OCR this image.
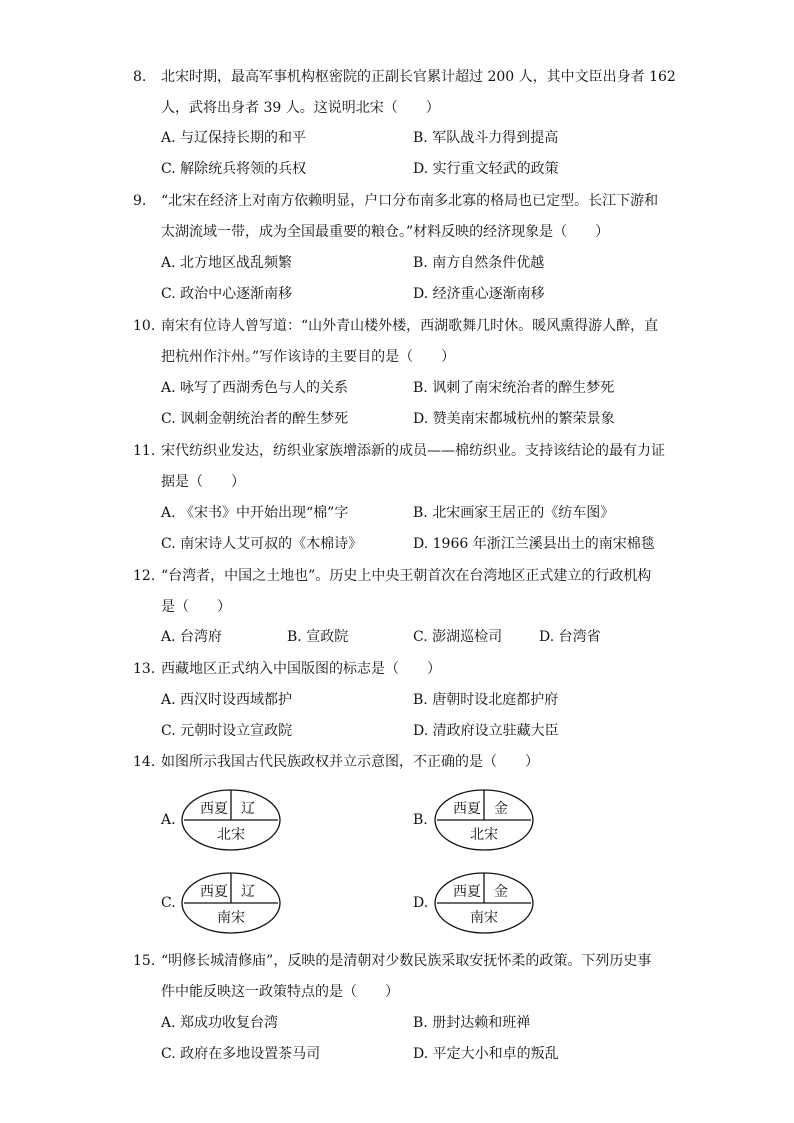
8. 北宋时期，最高军事机构枢密院的正副长官累计超过 200 人，其中文臣出身者 162
人，武将出身者 39 人。这说明北宋（　　）
A. 与辽保持长期的和平	B. 军队战斗力得到提高
C. 解除统兵将领的兵权	D. 实行重文轻武的政策
9. “北宋在经济上对南方依赖明显，户口分布南多北寡的格局也已定型。长江下游和
太湖流域一带，成为全国最重要的粮仓。”材料反映的经济现象是（　　）
A. 北方地区战乱频繁	B. 南方自然条件优越
C. 政治中心逐渐南移	D. 经济重心逐渐南移
10. 南宋有位诗人曾写道：“山外青山楼外楼，西湖歌舞几时休。暖风熏得游人醉，直
把杭州作汴州。”写作该诗的主要目的是（　　）
A. 咏写了西湖秀色与人的关系	B. 讽刺了南宋统治者的醉生梦死
C. 讽刺金朝统治者的醉生梦死	D. 赞美南宋都城杭州的繁荣景象
11. 宋代纺织业发达，纺织业家族增添新的成员——棉纺织业。支持该结论的最有力证
据是（　　）
A. 《宋书》中开始出现“棉”字	B. 北宋画家王居正的《纺车图》
C. 南宋诗人艾可叔的《木棉诗》	D. 1966 年浙江兰溪县出土的南宋棉毯
12. “台湾者，中国之土地也”。历史上中央王朝首次在台湾地区正式建立的行政机构
是（　　）
A. 台湾府	B. 宣政院	C. 澎湖巡检司	D. 台湾省
13. 西藏地区正式纳入中国版图的标志是（　　）
A. 西汉时设西域都护	B. 唐朝时设北庭都护府
C. 元朝时设立宣政院	D. 清政府设立驻藏大臣
14. 如图所示我国古代民族政权并立示意图，不正确的是（　　）
A.
西夏 辽
北宋
B.
西夏 金
北宋
C.
西夏 辽
南宋
D.
西夏 金
南宋
15. “明修长城清修庙”，反映的是清朝对少数民族采取安抚怀柔的政策。下列历史事
件中能反映这一政策特点的是（　　）
A. 郑成功收复台湾	B. 册封达赖和班禅
C. 政府在多地设置茶马司	D. 平定大小和卓的叛乱
